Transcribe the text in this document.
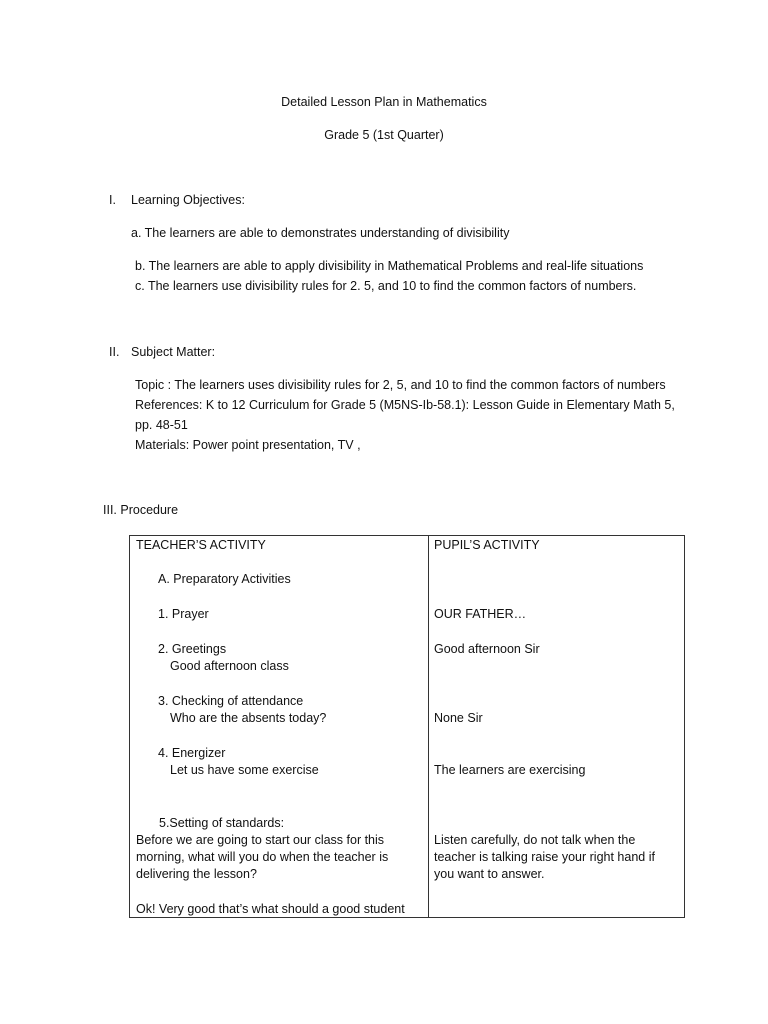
Detailed Lesson Plan in Mathematics
Grade 5 (1st Quarter)
I. Learning Objectives:
a. The learners are able to demonstrates understanding of divisibility
b. The learners are able to apply divisibility in Mathematical Problems and real-life situations
c. The learners use divisibility rules for 2. 5, and 10 to find the common factors of numbers.
II. Subject Matter:
Topic : The learners uses divisibility rules for 2, 5, and 10 to find the common factors of numbers
References: K to 12 Curriculum for Grade 5 (M5NS-Ib-58.1): Lesson Guide in Elementary Math 5,
pp. 48-51
Materials: Power point presentation, TV ,
III. Procedure
TEACHER’S ACTIVITY
A. Preparatory Activities
1. Prayer
2. Greetings
Good afternoon class
3. Checking of attendance
Who are the absents today?
4. Energizer
Let us have some exercise
5.Setting of standards:
Before we are going to start our class for this
morning, what will you do when the teacher is
delivering the lesson?
Ok! Very good that’s what should a good student
PUPIL’S ACTIVITY
OUR FATHER…
Good afternoon Sir
None Sir
The learners are exercising
Listen carefully, do not talk when the
teacher is talking raise your right hand if
you want to answer.
